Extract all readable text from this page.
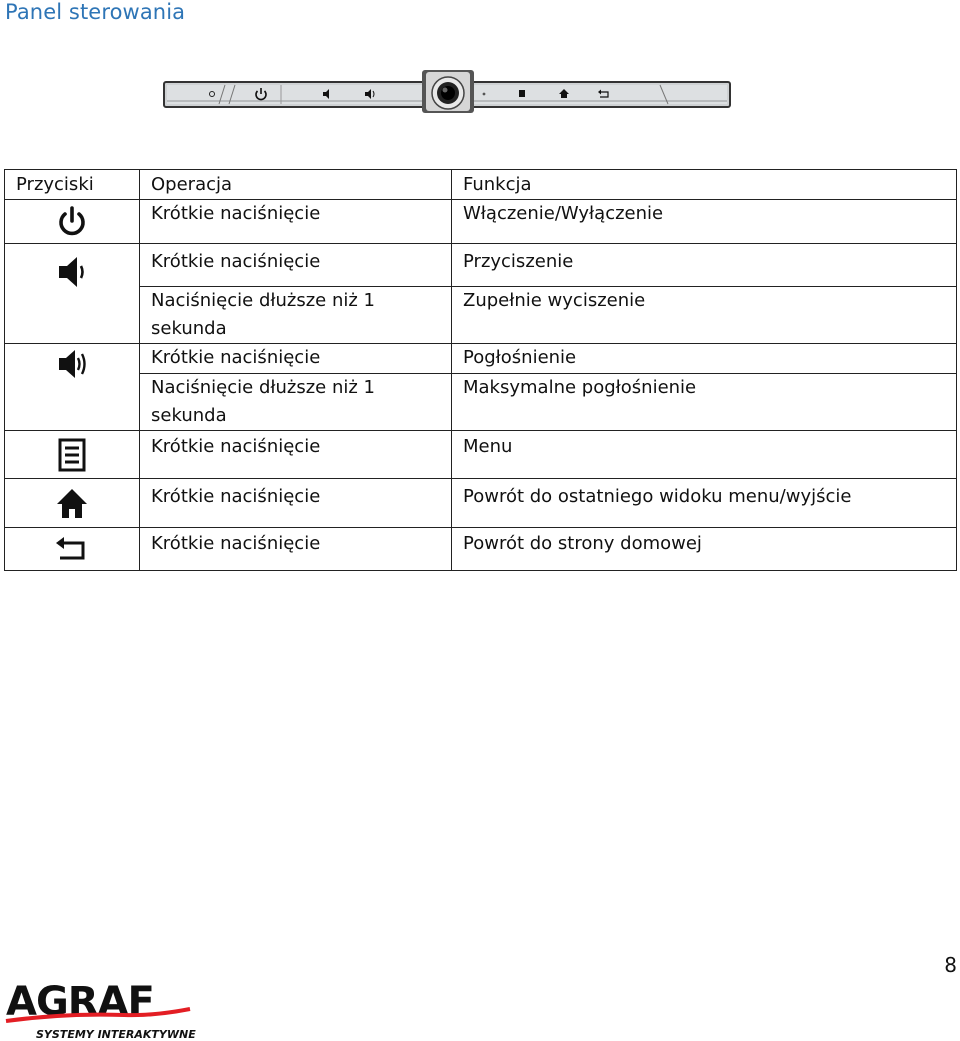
Panel sterowania
Przyciski	Operacja	Funkcja

	Krótkie naciśnięcie	Włączenie/Wyłączenie

	Krótkie naciśnięcie	Przyciszenie
	Naciśnięcie dłuższe niż 1 sekunda	Zupełnie wyciszenie

	Krótkie naciśnięcie	Pogłośnienie
	Naciśnięcie dłuższe niż 1 sekunda	Maksymalne pogłośnienie

	Krótkie naciśnięcie	Menu

	Krótkie naciśnięcie	Powrót do ostatniego widoku menu/wyjście

	Krótkie naciśnięcie	Powrót do strony domowej
8
AGRAF
SYSTEMY INTERAKTYWNE
